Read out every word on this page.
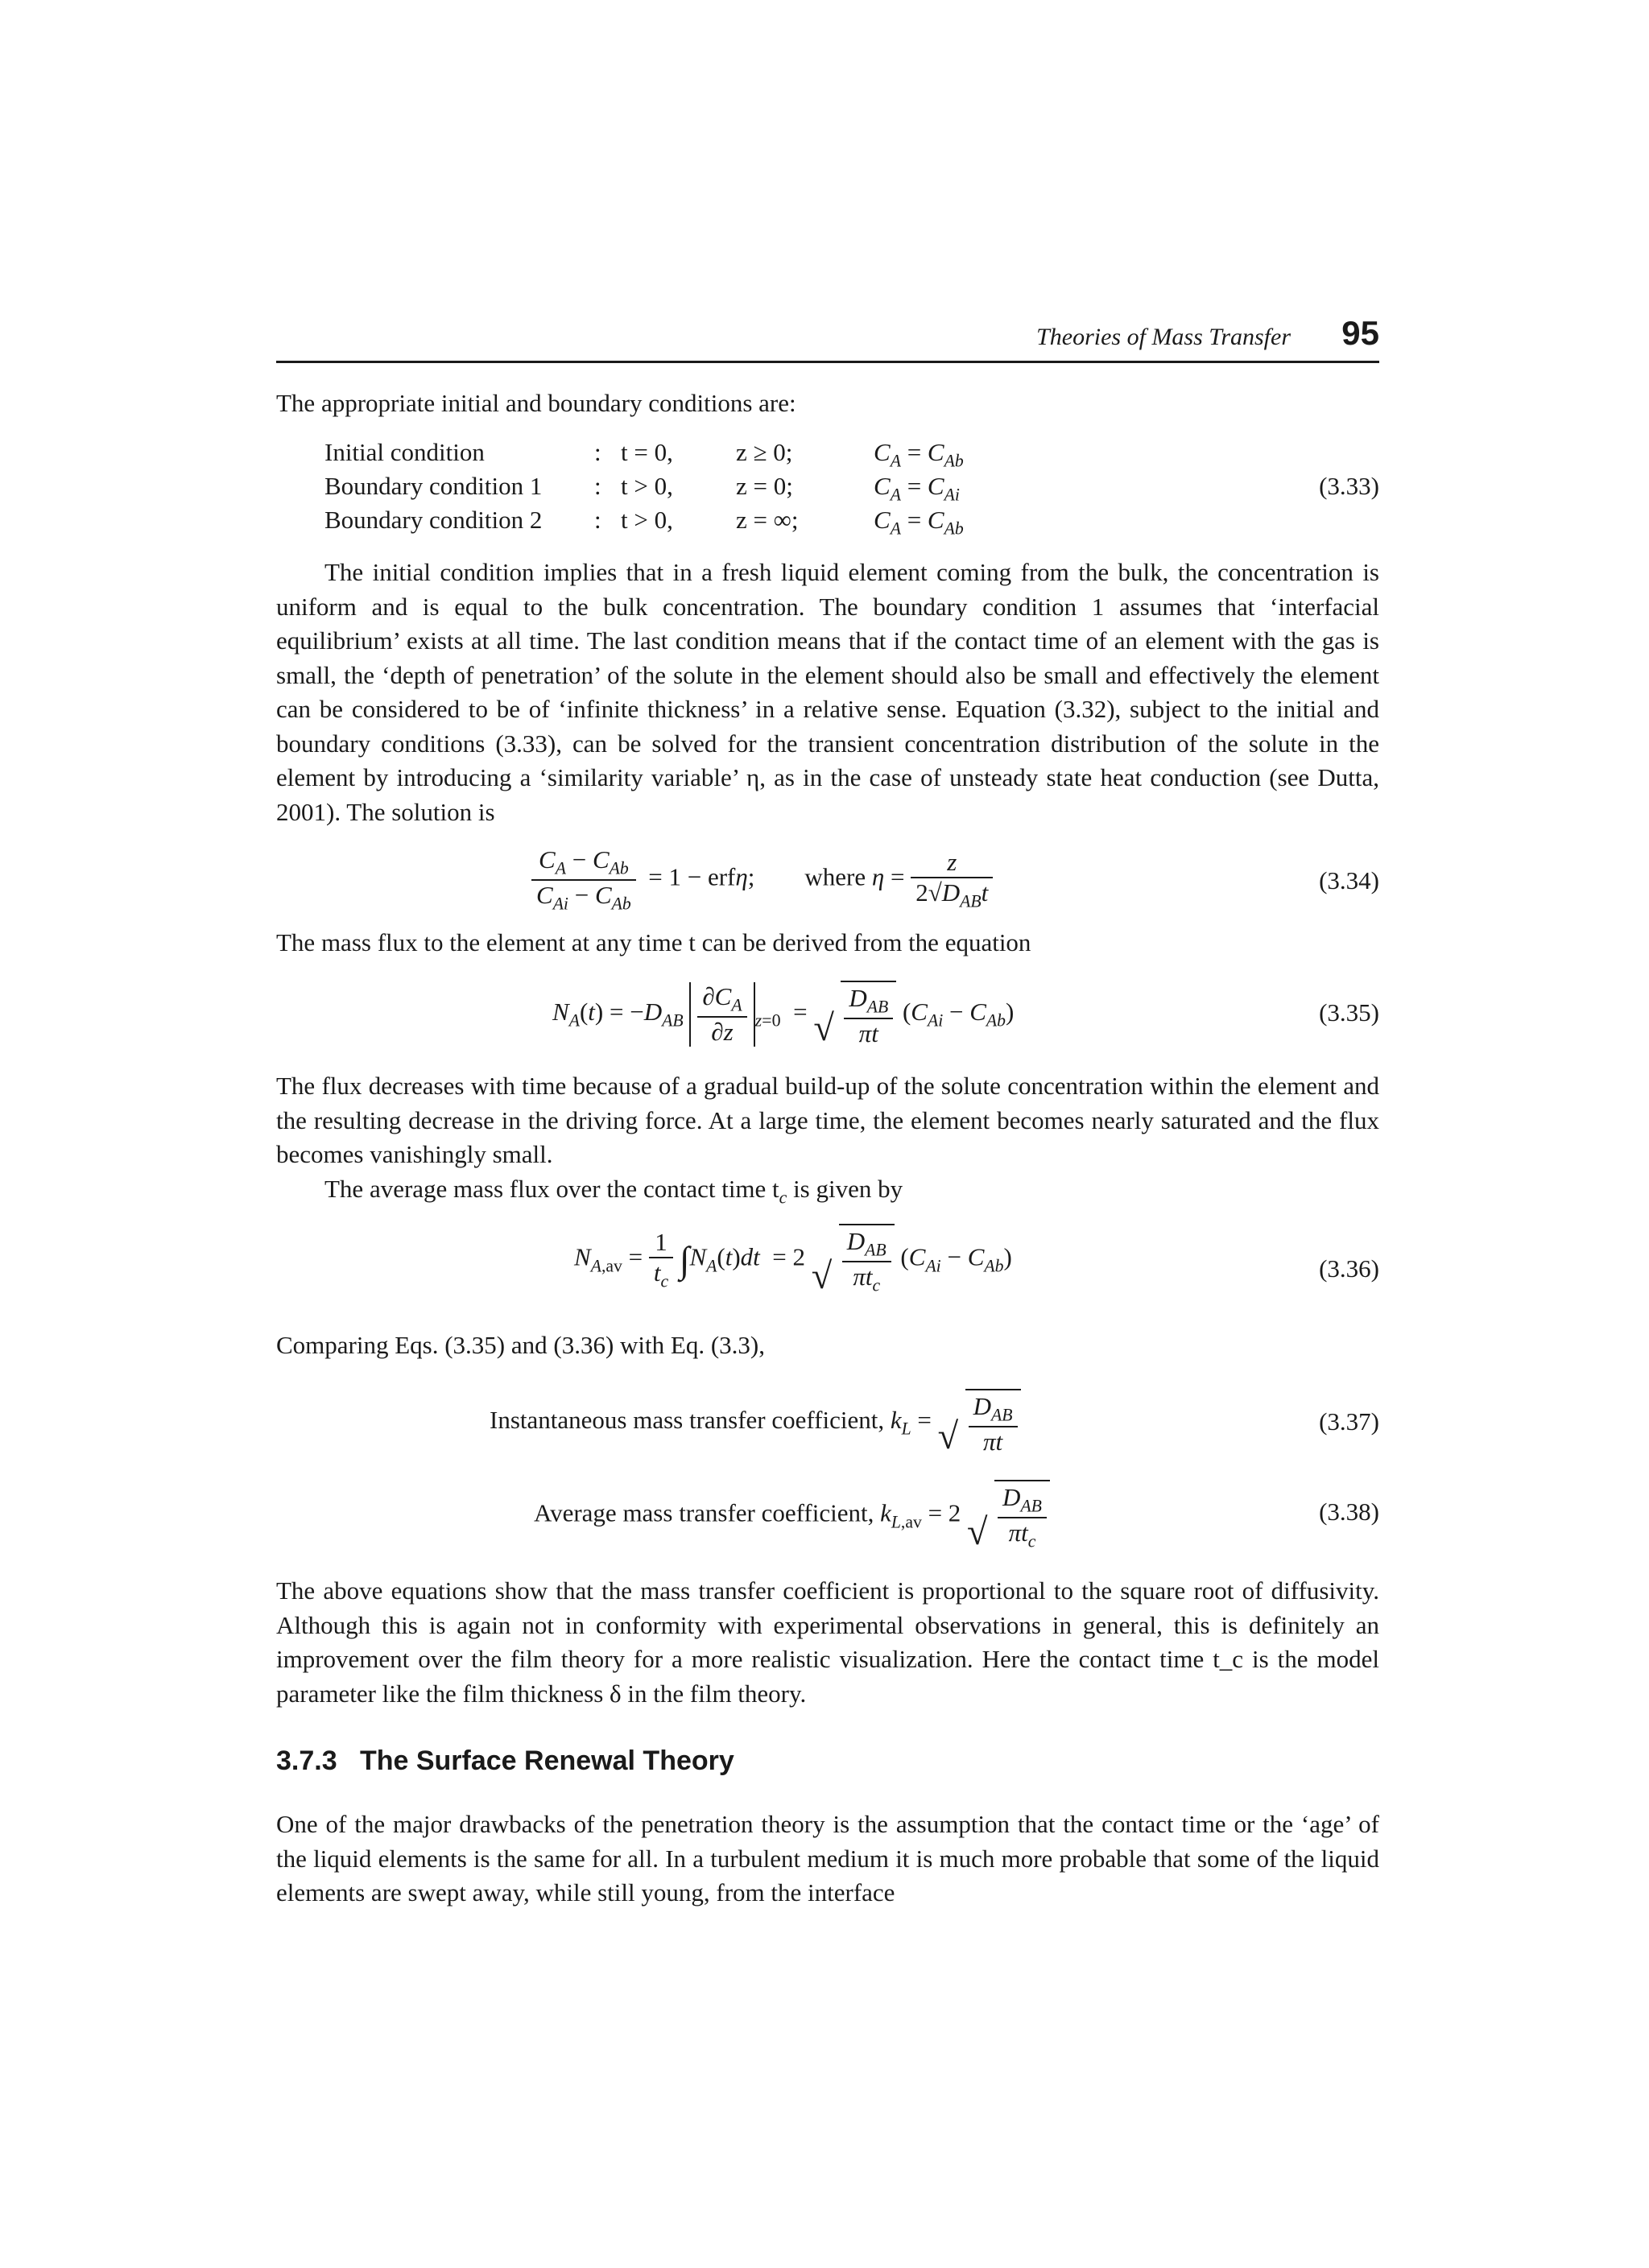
Theories of Mass Transfer 95
The appropriate initial and boundary conditions are:
Initial condition	: t = 0,	z ≥ 0;	$C_A = C_{Ab}$
Boundary condition 1 : t > 0,	z = 0;	$C_A = C_{Ai}$
Boundary condition 2 : t > 0,	z = ∞;	$C_A = C_{Ab}$
(3.33)
The initial condition implies that in a fresh liquid element coming from the bulk, the concentration is uniform and is equal to the bulk concentration. The boundary condition 1 assumes that ‘interfacial equilibrium’ exists at all time. The last condition means that if the contact time of an element with the gas is small, the ‘depth of penetration’ of the solute in the element should also be small and effectively the element can be considered to be of ‘infinite thickness’ in a relative sense. Equation (3.32), subject to the initial and boundary conditions (3.33), can be solved for the transient concentration distribution of the solute in the element by introducing a ‘similarity variable’ η, as in the case of unsteady state heat conduction (see Dutta, 2001). The solution is
$\frac{C_A - C_{Ab}}{C_{Ai} - C_{Ab}} = 1 - erf\eta$;        where $\eta = \frac{z}{2√D_{AB}t}$	(3.34)
The mass flux to the element at any time t can be derived from the equation
$N_A(t) = -D_{AB} \frac{\partial C_A}{\partial z} _{z=0}$  = √ $\frac{D_{AB}}{\pi t} (C_{Ai} - C_{Ab})$	(3.35)
The flux decreases with time because of a gradual build-up of the solute concentration within the element and the resulting decrease in the driving force. At a large time, the element becomes nearly saturated and the flux becomes vanishingly small.
The average mass flux over the contact time $t_c$ is given by
$N_{A,av} = \frac{1}{t_c} \int N_A(t)dt = 2$ √ $\frac{D_{AB}}{\pi t_c} (C_{Ai} - C_{Ab})$	(3.36)
Comparing Eqs. (3.35) and (3.36) with Eq. (3.3),
Instantaneous mass transfer coefficient, $k_L$ = √ $\frac{D_{AB}}{\pi t}$	(3.37)
Average mass transfer coefficient, $k_{L,av} = 2$ √ $\frac{D_{AB}}{\pi t_c}$	(3.38)
The above equations show that the mass transfer coefficient is proportional to the square root of diffusivity. Although this is again not in conformity with experimental observations in general, this is definitely an improvement over the film theory for a more realistic visualization. Here the contact time t_c is the model parameter like the film thickness δ in the film theory.
3.7.3 The Surface Renewal Theory
One of the major drawbacks of the penetration theory is the assumption that the contact time or the ‘age’ of the liquid elements is the same for all. In a turbulent medium it is much more probable that some of the liquid elements are swept away, while still young, from the interface
